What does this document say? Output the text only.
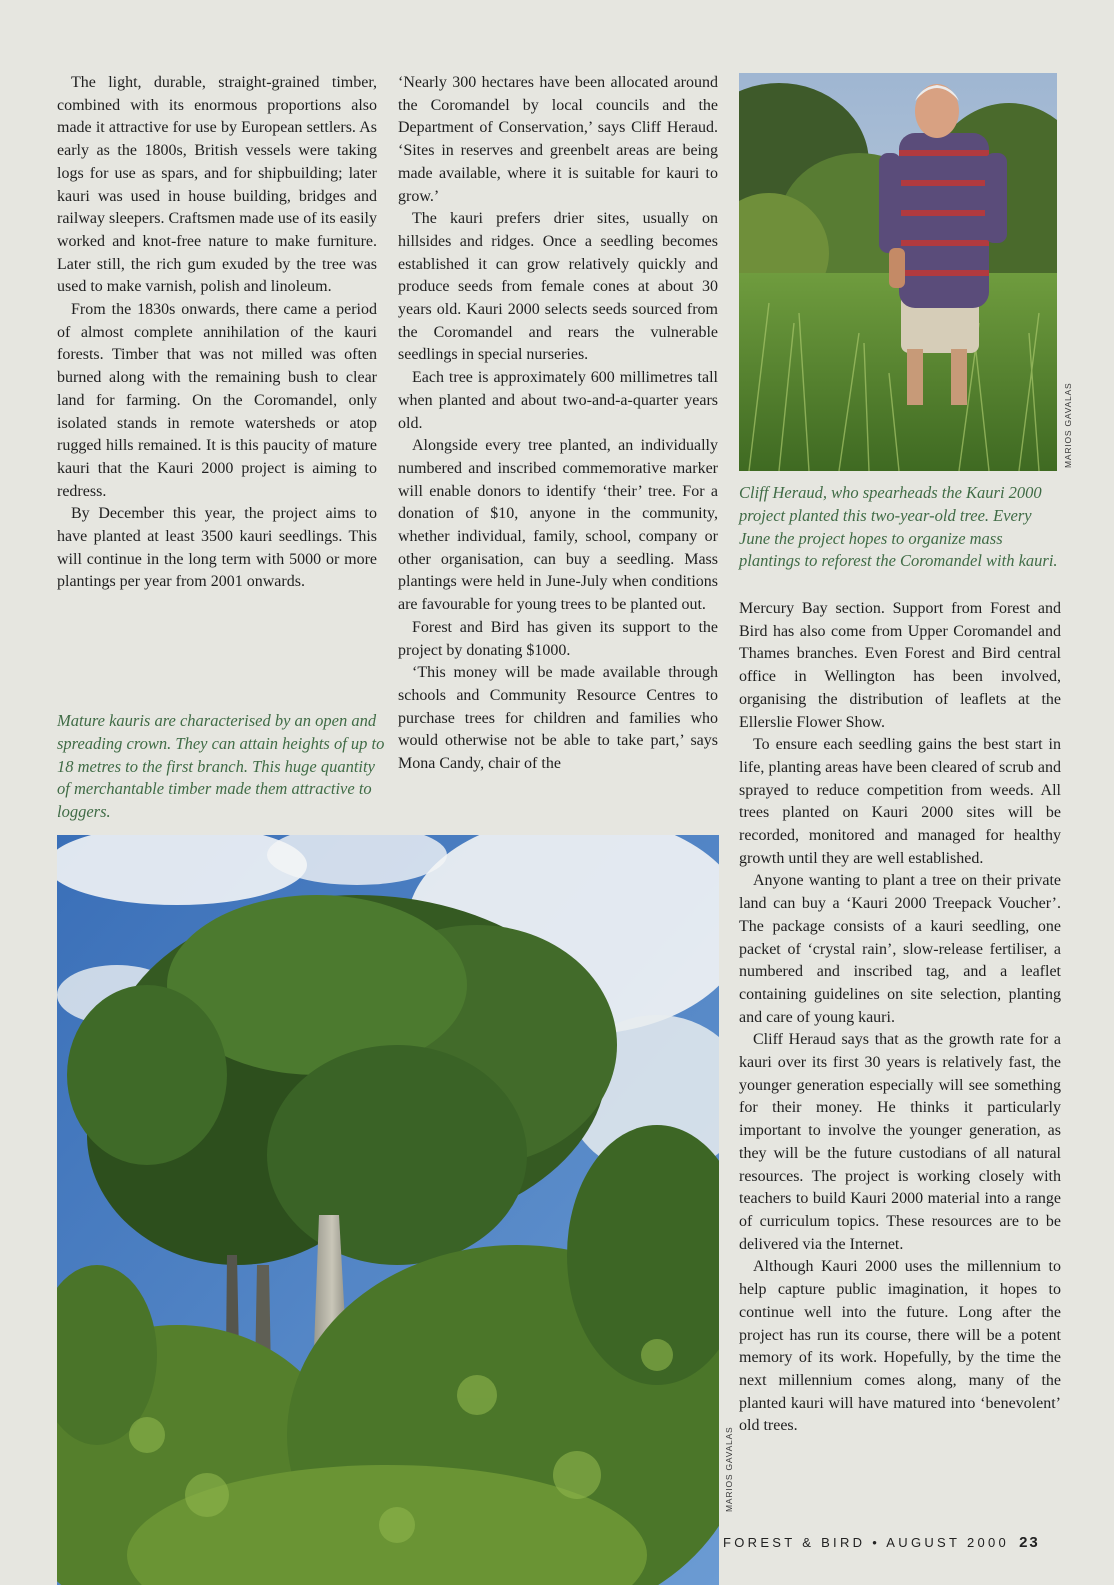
The light, durable, straight-grained timber, combined with its enormous proportions also made it attractive for use by European settlers. As early as the 1800s, British vessels were taking logs for use as spars, and for shipbuilding; later kauri was used in house building, bridges and railway sleepers. Craftsmen made use of its easily worked and knot-free nature to make furniture. Later still, the rich gum exuded by the tree was used to make varnish, polish and linoleum.

From the 1830s onwards, there came a period of almost complete annihilation of the kauri forests. Timber that was not milled was often burned along with the remaining bush to clear land for farming. On the Coromandel, only isolated stands in remote watersheds or atop rugged hills remained. It is this paucity of mature kauri that the Kauri 2000 project is aiming to redress.

By December this year, the project aims to have planted at least 3500 kauri seedlings. This will continue in the long term with 5000 or more plantings per year from 2001 onwards.

Mature kauris are characterised by an open and spreading crown. They can attain heights of up to 18 metres to the first branch. This huge quantity of merchantable timber made them attractive to loggers.

‘Nearly 300 hectares have been allocated around the Coromandel by local councils and the Department of Conservation,’ says Cliff Heraud. ‘Sites in reserves and greenbelt areas are being made available, where it is suitable for kauri to grow.’

The kauri prefers drier sites, usually on hillsides and ridges. Once a seedling becomes established it can grow relatively quickly and produce seeds from female cones at about 30 years old. Kauri 2000 selects seeds sourced from the Coromandel and rears the vulnerable seedlings in special nurseries.

Each tree is approximately 600 millimetres tall when planted and about two-and-a-quarter years old.

Alongside every tree planted, an individually numbered and inscribed commemorative marker will enable donors to identify ‘their’ tree. For a donation of $10, anyone in the community, whether individual, family, school, company or other organisation, can buy a seedling. Mass plantings were held in June-July when conditions are favourable for young trees to be planted out.

Forest and Bird has given its support to the project by donating $1000.

‘This money will be made available through schools and Community Resource Centres to purchase trees for children and families who would otherwise not be able to take part,’ says Mona Candy, chair of the

MARIOS GAVALAS

Cliff Heraud, who spearheads the Kauri 2000 project planted this two-year-old tree. Every June the project hopes to organize mass plantings to reforest the Coromandel with kauri.

Mercury Bay section. Support from Forest and Bird has also come from Upper Coromandel and Thames branches. Even Forest and Bird central office in Wellington has been involved, organising the distribution of leaflets at the Ellerslie Flower Show.

To ensure each seedling gains the best start in life, planting areas have been cleared of scrub and sprayed to reduce competition from weeds. All trees planted on Kauri 2000 sites will be recorded, monitored and managed for healthy growth until they are well established.

Anyone wanting to plant a tree on their private land can buy a ‘Kauri 2000 Treepack Voucher’. The package consists of a kauri seedling, one packet of ‘crystal rain’, slow-release fertiliser, a numbered and inscribed tag, and a leaflet containing guidelines on site selection, planting and care of young kauri.

Cliff Heraud says that as the growth rate for a kauri over its first 30 years is relatively fast, the younger generation especially will see something for their money. He thinks it particularly important to involve the younger generation, as they will be the future custodians of all natural resources. The project is working closely with teachers to build Kauri 2000 material into a range of curriculum topics. These resources are to be delivered via the Internet.

Although Kauri 2000 uses the millennium to help capture public imagination, it hopes to continue well into the future. Long after the project has run its course, there will be a potent memory of its work. Hopefully, by the time the next millennium comes along, many of the planted kauri will have matured into ‘benevolent’ old trees.

MARIOS GAVALAS
FOREST & BIRD • AUGUST 2000 23
